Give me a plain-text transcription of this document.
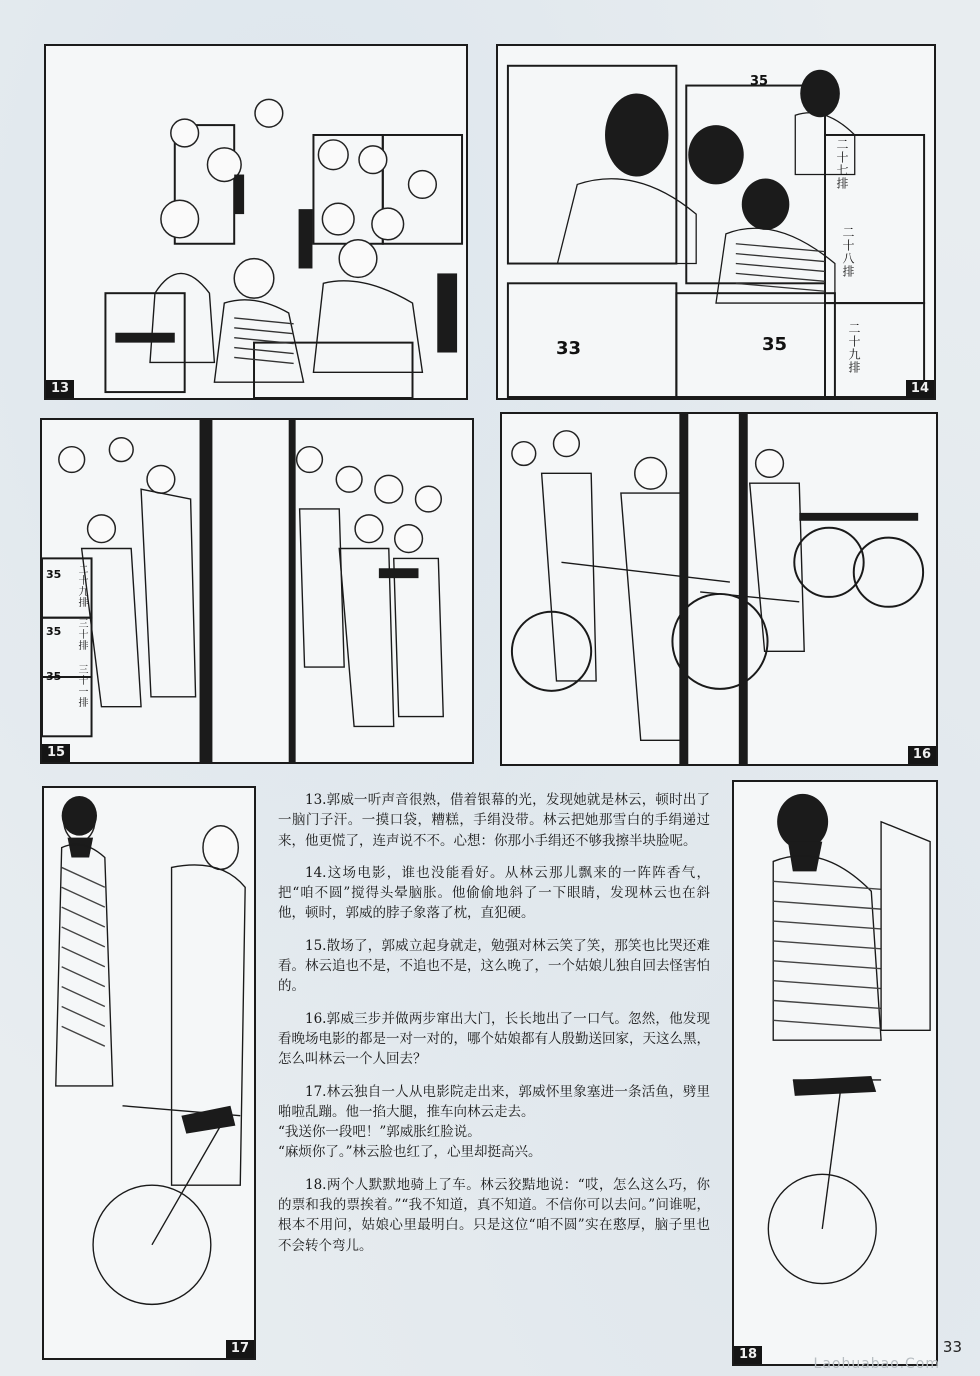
13
35
33	35
二十七排
二十八排
二十九排
14
35
35
35
二十九排
三十排
三十一排
15	16
17	18

13.郭威一听声音很熟，借着银幕的光，发现她就是林云，顿时出了一脑门子汗。一摸口袋，糟糕，手绢没带。林云把她那雪白的手绢递过来，他更慌了，连声说不不。心想：你那小手绢还不够我擦半块脸呢。

14.这场电影，谁也没能看好。从林云那儿飘来的一阵阵香气，把“咱不圆”搅得头晕脑胀。他偷偷地斜了一下眼睛，发现林云也在斜他，顿时，郭威的脖子象落了枕，直犯硬。

15.散场了，郭威立起身就走，勉强对林云笑了笑，那笑也比哭还难看。林云追也不是，不追也不是，这么晚了，一个姑娘儿独自回去怪害怕的。

16.郭威三步并做两步窜出大门，长长地出了一口气。忽然，他发现看晚场电影的都是一对一对的，哪个姑娘都有人殷勤送回家，天这么黑，怎么叫林云一个人回去？

17.林云独自一人从电影院走出来，郭威怀里象塞进一条活鱼，劈里啪啦乱蹦。他一掐大腿，推车向林云走去。
“我送你一段吧！”郭威胀红脸说。
“麻烦你了。”林云脸也红了，心里却挺高兴。

18.两个人默默地骑上了车。林云狡黠地说：“哎，怎么这么巧，你的票和我的票挨着。”“我不知道，真不知道。不信你可以去问。”问谁呢，根本不用问，姑娘心里最明白。只是这位“咱不圆”实在憨厚，脑子里也不会转个弯儿。

Laohuabao.Com
33
